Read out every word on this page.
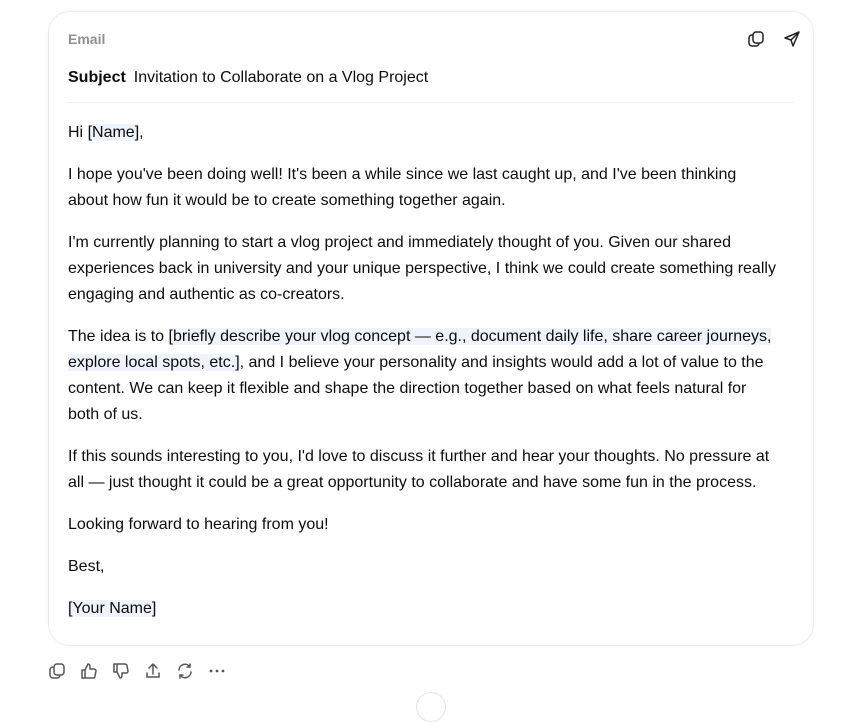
Email
Subject Invitation to Collaborate on a Vlog Project

Hi [Name],

I hope you've been doing well! It's been a while since we last caught up, and I've been thinking about how fun it would be to create something together again.

I'm currently planning to start a vlog project and immediately thought of you. Given our shared experiences back in university and your unique perspective, I think we could create something really engaging and authentic as co-creators.

The idea is to [briefly describe your vlog concept — e.g., document daily life, share career journeys, explore local spots, etc.], and I believe your personality and insights would add a lot of value to the content. We can keep it flexible and shape the direction together based on what feels natural for both of us.

If this sounds interesting to you, I'd love to discuss it further and hear your thoughts. No pressure at all — just thought it could be a great opportunity to collaborate and have some fun in the process.

Looking forward to hearing from you!

Best,

[Your Name]
